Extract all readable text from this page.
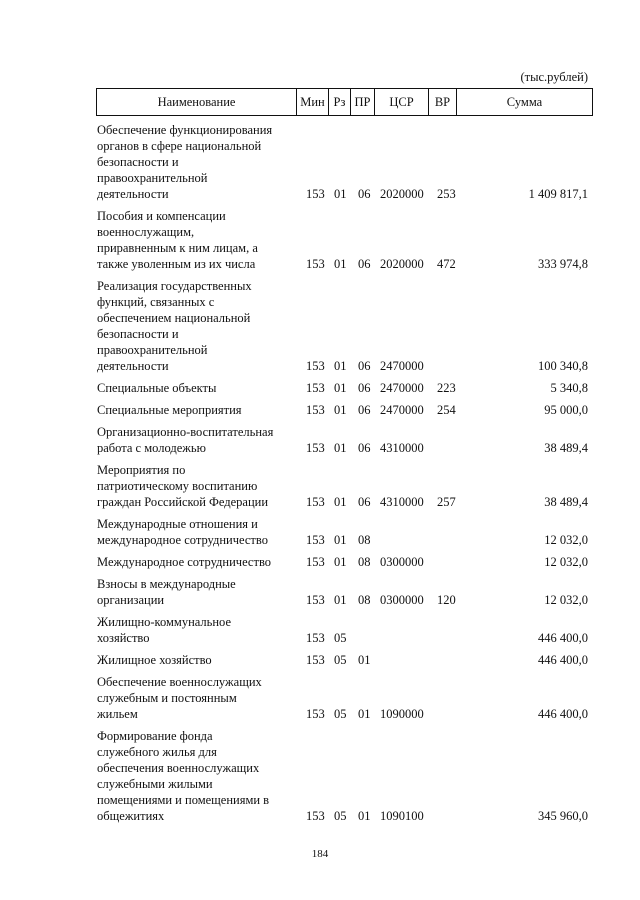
(тыс.рублей)
Наименование	Мин	Рз	ПР	ЦСР	ВР	Сумма
Обеспечение функционирования
органов в сфере национальной
безопасности и
правоохранительной
деятельности	153 01 06 2020000 253	1 409 817,1
Пособия и компенсации
военнослужащим,
приравненным к ним лицам, а
также уволенным из их числа	153 01 06 2020000 472	333 974,8
Реализация государственных
функций, связанных с
обеспечением национальной
безопасности и
правоохранительной
деятельности	153 01 06 2470000	100 340,8
Специальные объекты	153 01 06 2470000 223	5 340,8
Специальные мероприятия	153 01 06 2470000 254	95 000,0
Организационно-воспитательная
работа с молодежью	153 01 06 4310000	38 489,4
Мероприятия по
патриотическому воспитанию
граждан Российской Федерации	153 01 06 4310000 257	38 489,4
Международные отношения и
международное сотрудничество	153 01 08	12 032,0
Международное сотрудничество	153 01 08 0300000	12 032,0
Взносы в международные
организации	153 01 08 0300000 120	12 032,0
Жилищно-коммунальное
хозяйство	153 05	446 400,0
Жилищное хозяйство	153 05 01	446 400,0
Обеспечение военнослужащих
служебным и постоянным
жильем	153 05 01 1090000	446 400,0
Формирование фонда
служебного жилья для
обеспечения военнослужащих
служебными жилыми
помещениями и помещениями в
общежитиях	153 05 01 1090100	345 960,0
184
